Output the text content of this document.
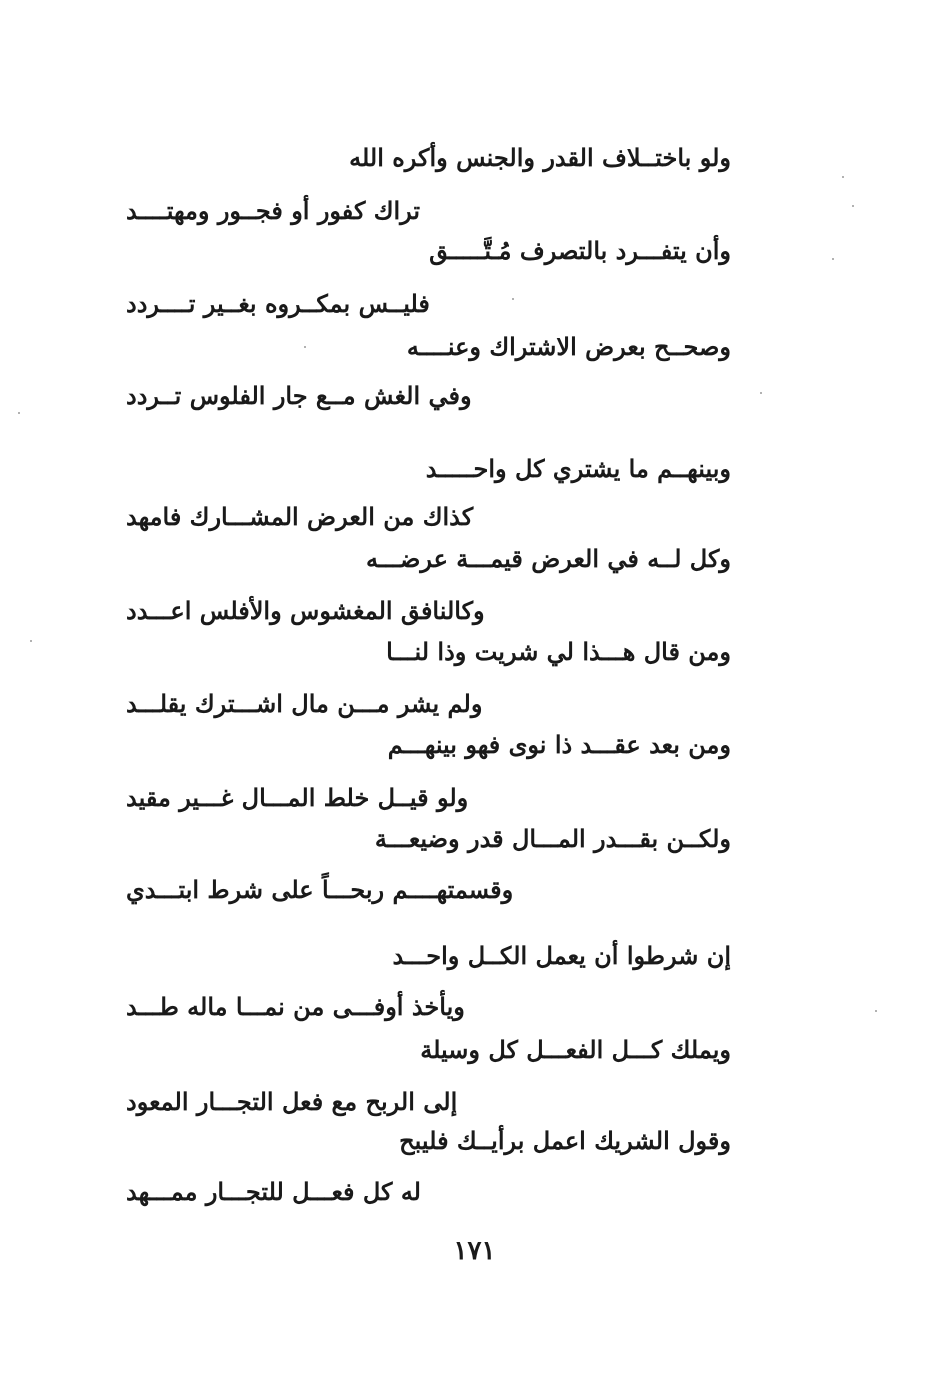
ولو باختــلاف القدر والجنس وأكره الله
تراك كفور أو فجــور ومهتــــد
وأن يتفـــرد بالتصرف مُـتَّـــــق
فليــس بمكــروه بغــير تــــردد
وصحــح بعرض الاشتراك وعنــــه
وفي الغش مــع جار الفلوس تــردد
وبينهــم ما يشتري كل واحـــــد
كذاك من العرض المشـــارك فامهد
وكل لــه في العرض قيمـــة عرضـــه
وكالنافق المغشوس والأفلس اعـــدد
ومن قال هـــذا لي شريت وذا لنـــا
ولم يشر مـــن مال اشـــترك يقلـــد
ومن بعد عقـــد ذا نوى فهو بينهـــم
ولو قيــل خلط المـــال غـــير مقيد
ولكــن بقـــدر المـــال قدر وضيعـــة
وقسمتهــــم ربحـــاً على شرط ابتـــدي
إن شرطوا أن يعمل الكــل واحـــد
ويأخذ أوفـــى من نمـــا ماله طـــد
ويملك كـــل الفعـــل كل وسيلة
إلى الربح مع فعل التجـــار المعود
وقول الشريك اعمل برأيــك فليبح
له كل فعـــل للتجـــار ممـــهد
١٧١
